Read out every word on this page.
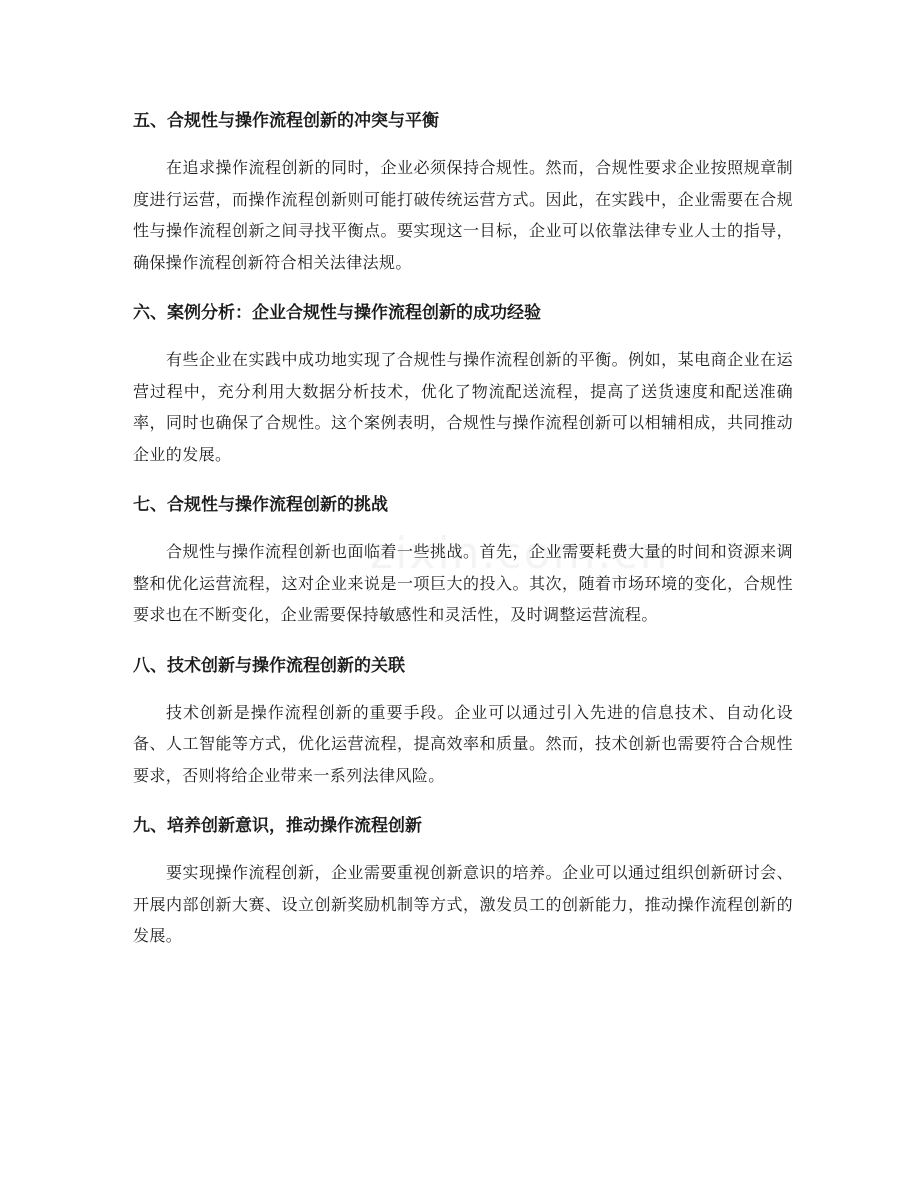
五、合规性与操作流程创新的冲突与平衡

在追求操作流程创新的同时，企业必须保持合规性。然而，合规性要求企业按照规章制度进行运营，而操作流程创新则可能打破传统运营方式。因此，在实践中，企业需要在合规性与操作流程创新之间寻找平衡点。要实现这一目标，企业可以依靠法律专业人士的指导，确保操作流程创新符合相关法律法规。

六、案例分析：企业合规性与操作流程创新的成功经验

有些企业在实践中成功地实现了合规性与操作流程创新的平衡。例如，某电商企业在运营过程中，充分利用大数据分析技术，优化了物流配送流程，提高了送货速度和配送准确率，同时也确保了合规性。这个案例表明，合规性与操作流程创新可以相辅相成，共同推动企业的发展。

七、合规性与操作流程创新的挑战

合规性与操作流程创新也面临着一些挑战。首先，企业需要耗费大量的时间和资源来调整和优化运营流程，这对企业来说是一项巨大的投入。其次，随着市场环境的变化，合规性要求也在不断变化，企业需要保持敏感性和灵活性，及时调整运营流程。

八、技术创新与操作流程创新的关联

技术创新是操作流程创新的重要手段。企业可以通过引入先进的信息技术、自动化设备、人工智能等方式，优化运营流程，提高效率和质量。然而，技术创新也需要符合合规性要求，否则将给企业带来一系列法律风险。

九、培养创新意识，推动操作流程创新

要实现操作流程创新，企业需要重视创新意识的培养。企业可以通过组织创新研讨会、开展内部创新大赛、设立创新奖励机制等方式，激发员工的创新能力，推动操作流程创新的发展。
